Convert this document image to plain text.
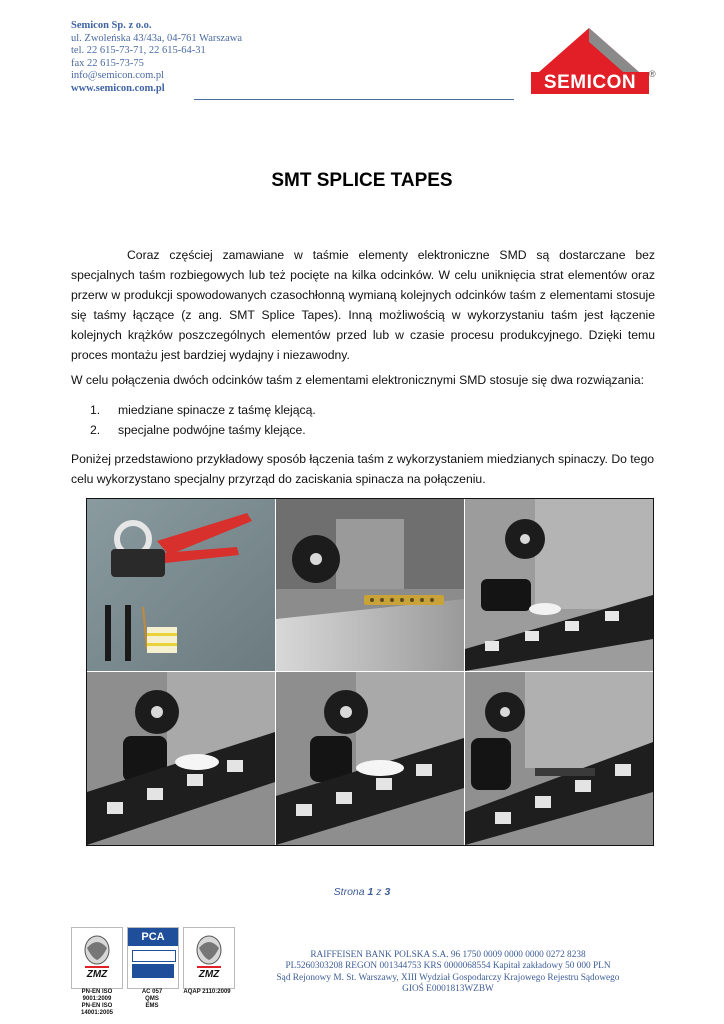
Semicon Sp. z o.o.
ul. Zwoleńska 43/43a, 04-761 Warszawa
tel. 22 615-73-71, 22 615-64-31
fax 22 615-73-75
info@semicon.com.pl
www.semicon.com.pl	SEMICON	®
SMT SPLICE TAPES
Coraz częściej zamawiane w taśmie elementy elektroniczne SMD są dostarczane bez specjalnych taśm rozbiegowych lub też pocięte na kilka odcinków. W celu uniknięcia strat elementów oraz przerw w produkcji spowodowanych czasochłonną wymianą kolejnych odcinków taśm z elementami stosuje się taśmy łączące (z ang. SMT Splice Tapes). Inną możliwością w wykorzystaniu taśm jest łączenie kolejnych krążków poszczególnych elementów przed lub w czasie procesu produkcyjnego. Dzięki temu proces montażu jest bardziej wydajny i niezawodny.
W celu połączenia dwóch odcinków taśm z elementami elektronicznymi SMD stosuje się dwa rozwiązania:
1. miedziane spinacze z taśmę klejącą.
2. specjalne podwójne taśmy klejące.
Poniżej przedstawiono przykładowy sposób łączenia taśm z wykorzystaniem miedzianych spinaczy. Do tego celu wykorzystano specjalny przyrząd do zaciskania spinacza na połączeniu.
Strona 1 z 3
ZMZ
PCA
ZMZ
PN-EN ISO 9001:2009
PN-EN ISO 14001:2005
AC 057
QMS
EMS
AQAP 2110:2009
RAIFFEISEN BANK POLSKA S.A. 96 1750 0009 0000 0000 0272 8238
PL5260303208 REGON 001344753 KRS 0000068554 Kapitał zakładowy 50 000 PLN
Sąd Rejonowy M. St. Warszawy, XIII Wydział Gospodarczy Krajowego Rejestru Sądowego
GIOŚ E0001813WZBW
